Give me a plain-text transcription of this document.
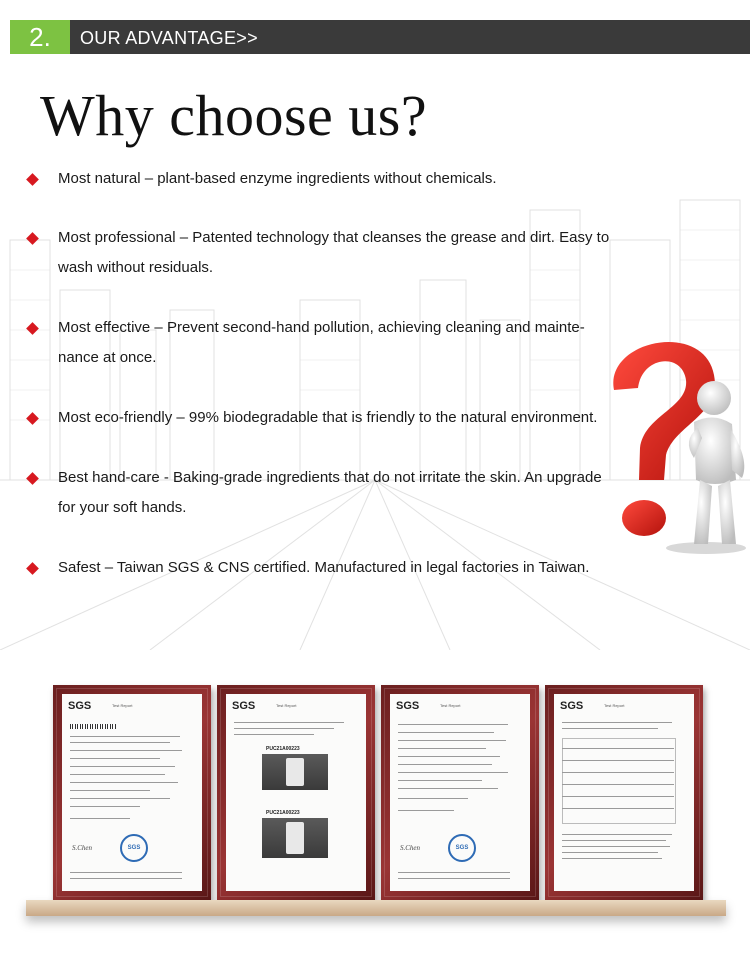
2.	OUR ADVANTAGE>>
Why choose us?
Most natural – plant-based enzyme ingredients without chemicals.
Most professional – Patented technology that cleanses the grease and dirt. Easy to wash without residuals.
Most effective – Prevent second-hand pollution, achieving cleaning and mainte-nance at once.
Most eco-friendly – 99% biodegradable that is friendly to the natural environment.
Best hand-care - Baking-grade ingredients that do not irritate the skin. An upgrade for your soft hands.
Safest – Taiwan SGS & CNS certified. Manufactured in legal factories in Taiwan.
SGS	Test Report
S.Chen	SGS
SGS	Test Report
PUC21A00223
PUC21A00223
SGS	Test Report
S.Chen	SGS
SGS	Test Report
